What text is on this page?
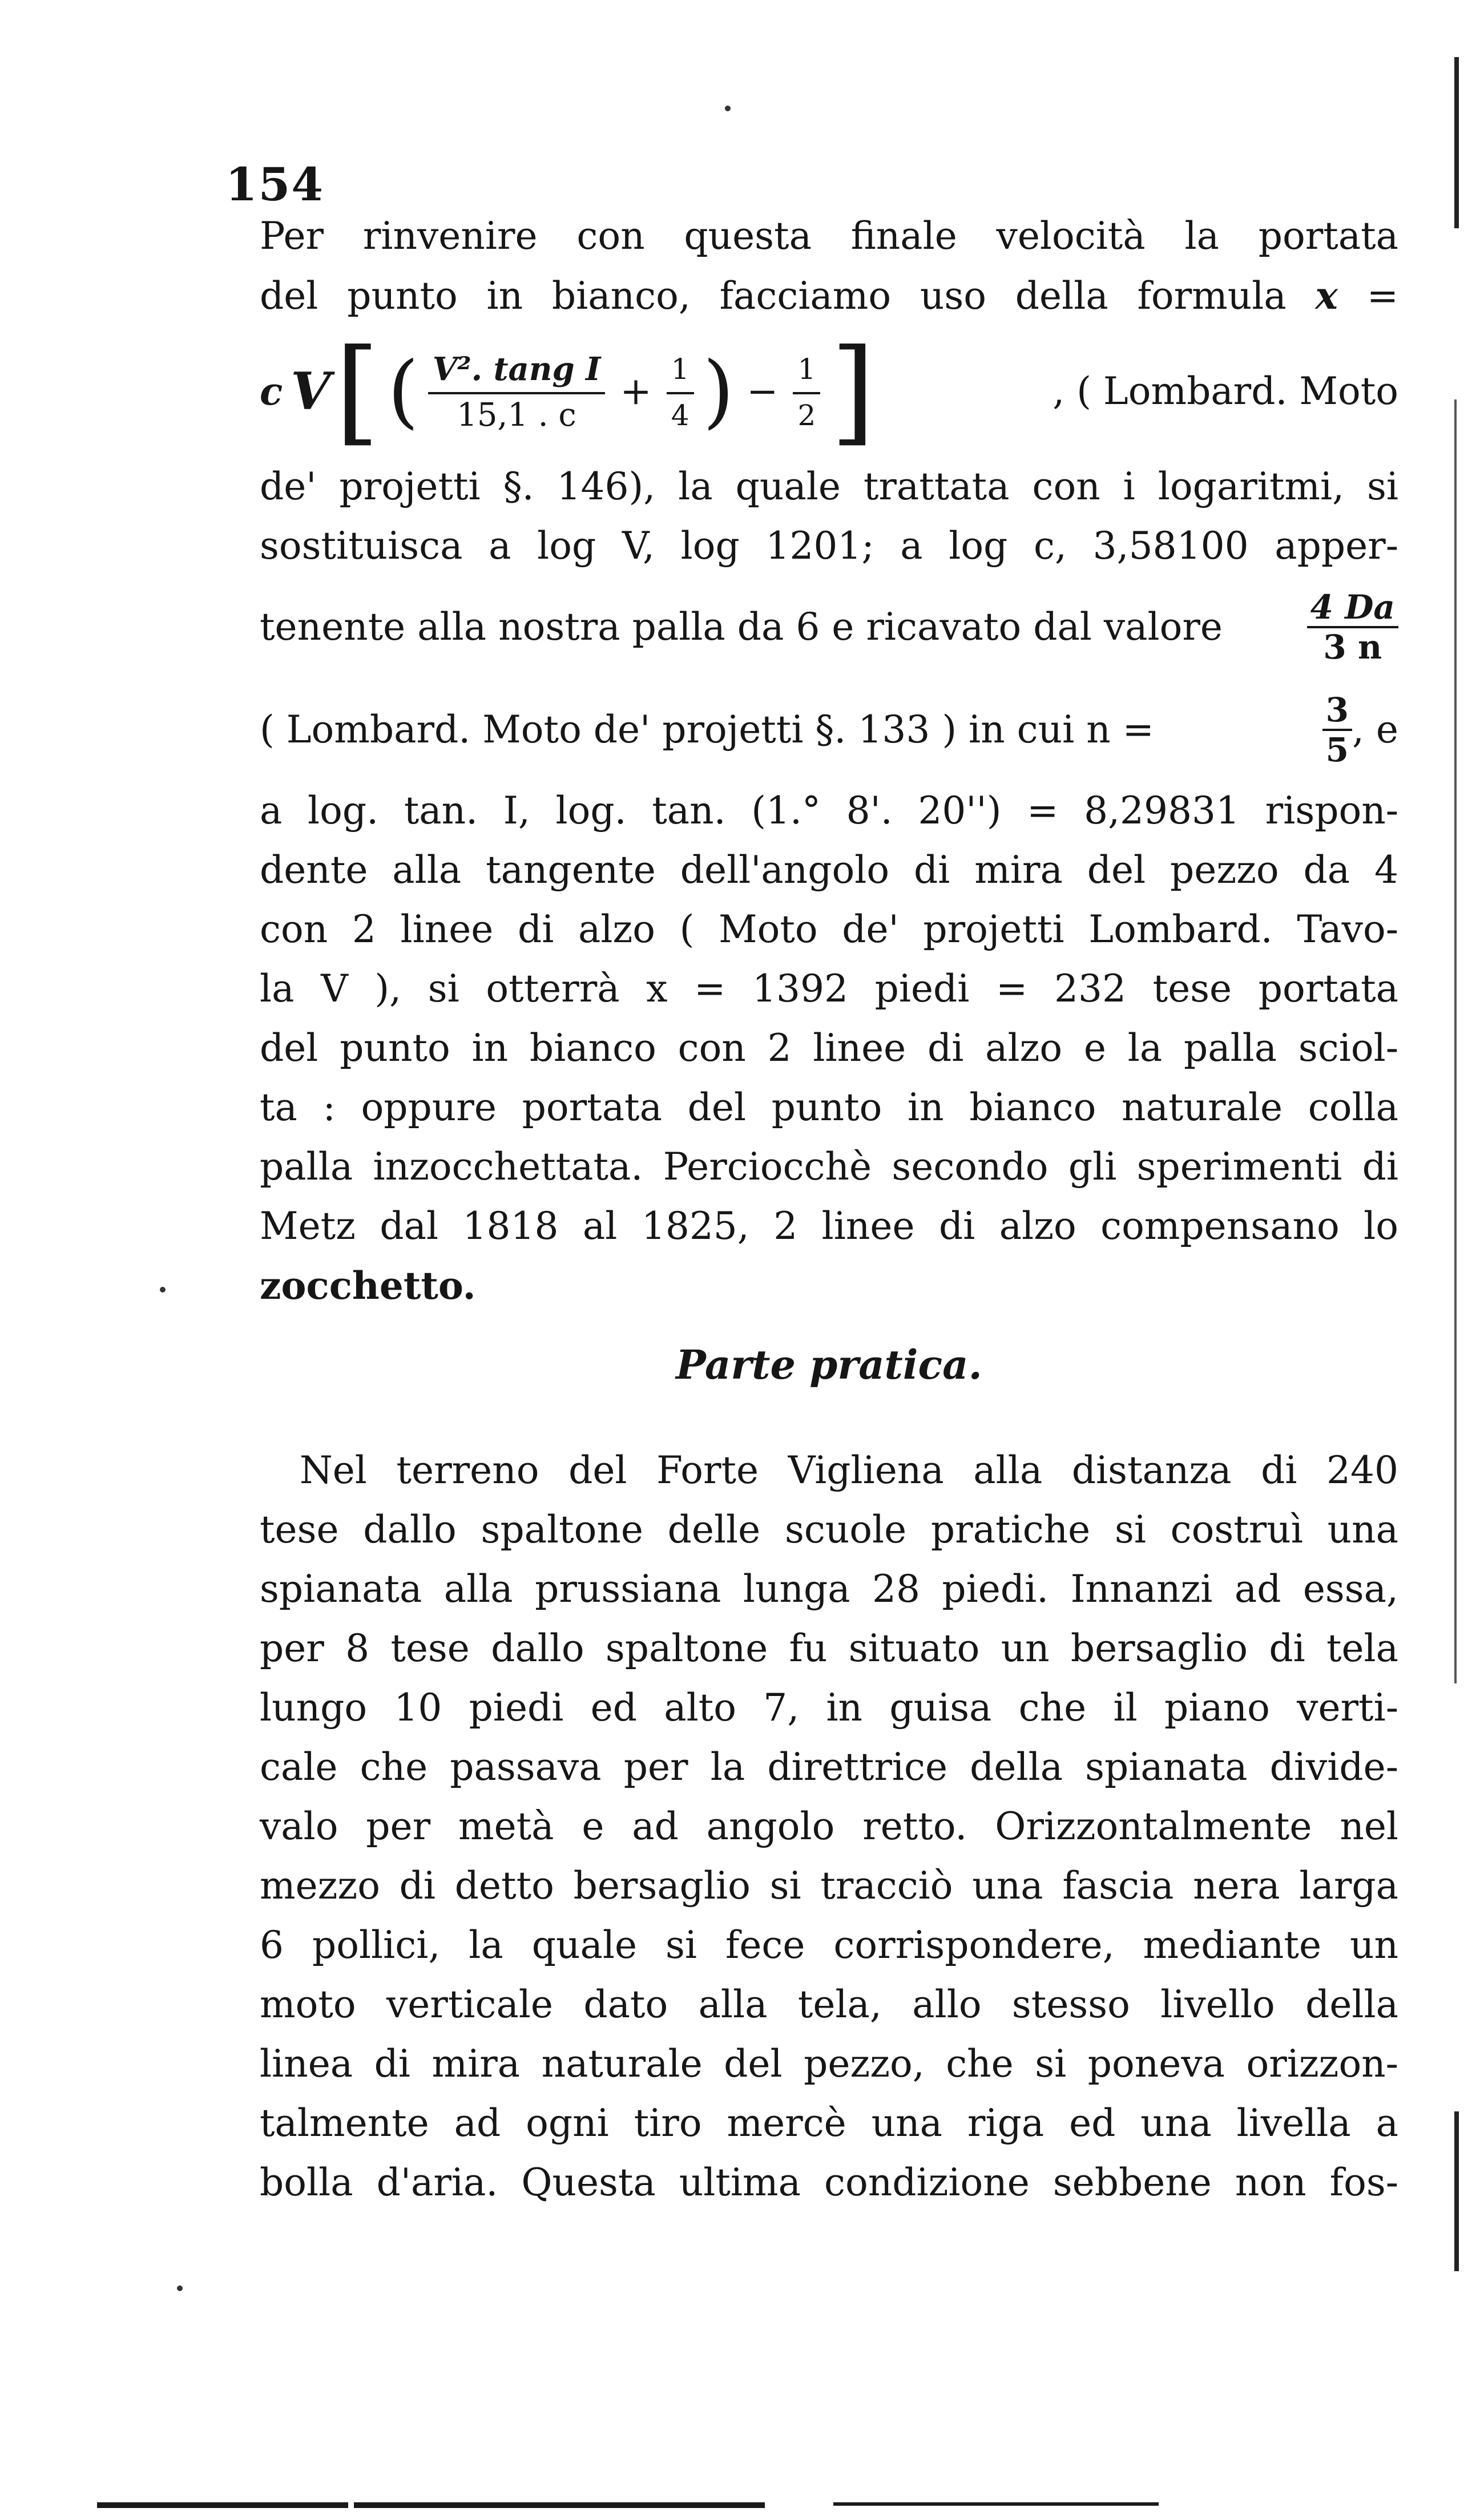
154
Per rinvenire con questa finale velocità la portata
del punto in bianco, facciamo uso della formula x =
c V [ ( $\frac{\text{V². tang I}}{15,1 . c} + \frac{1}{4}$ ) − $\frac{1}{2}$ ]	, ( Lombard. Moto
de' projetti §. 146), la quale trattata con i logaritmi, si
sostituisca a log V, log 1201; a log c, 3,58100 apper-
tenente alla nostra palla da 6 e ricavato dal valore	$\frac{4 Da}{3 n}$
( Lombard. Moto de' projetti §. 133 ) in cui n =	$\frac{3}{5}$ , e
a log. tan. I, log. tan. (1.° 8'. 20'') = 8,29831 rispon-
dente alla tangente dell'angolo di mira del pezzo da 4
con 2 linee di alzo ( Moto de' projetti Lombard. Tavo-
la V ), si otterrà x = 1392 piedi = 232 tese portata
del punto in bianco con 2 linee di alzo e la palla sciol-
ta : oppure portata del punto in bianco naturale colla
palla inzocchettata. Perciocchè secondo gli sperimenti di
Metz dal 1818 al 1825, 2 linee di alzo compensano lo
zocchetto.
Parte pratica.
Nel terreno del Forte Vigliena alla distanza di 240
tese dallo spaltone delle scuole pratiche si costruì una
spianata alla prussiana lunga 28 piedi. Innanzi ad essa,
per 8 tese dallo spaltone fu situato un bersaglio di tela
lungo 10 piedi ed alto 7, in guisa che il piano verti-
cale che passava per la direttrice della spianata divide-
valo per metà e ad angolo retto. Orizzontalmente nel
mezzo di detto bersaglio si tracciò una fascia nera larga
6 pollici, la quale si fece corrispondere, mediante un
moto verticale dato alla tela, allo stesso livello della
linea di mira naturale del pezzo, che si poneva orizzon-
talmente ad ogni tiro mercè una riga ed una livella a
bolla d'aria. Questa ultima condizione sebbene non fos-
